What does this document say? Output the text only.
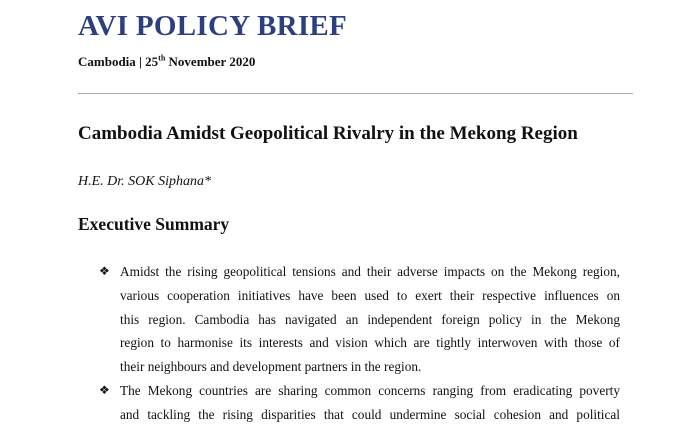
AVI POLICY BRIEF

Cambodia | 25th November 2020

Cambodia Amidst Geopolitical Rivalry in the Mekong Region

H.E. Dr. SOK Siphana*

Executive Summary
❖ Amidst the rising geopolitical tensions and their adverse impacts on the Mekong region,
various cooperation initiatives have been used to exert their respective influences on
this region. Cambodia has navigated an independent foreign policy in the Mekong
region to harmonise its interests and vision which are tightly interwoven with those of
their neighbours and development partners in the region.
❖ The Mekong countries are sharing common concerns ranging from eradicating poverty
and tackling the rising disparities that could undermine social cohesion and political
